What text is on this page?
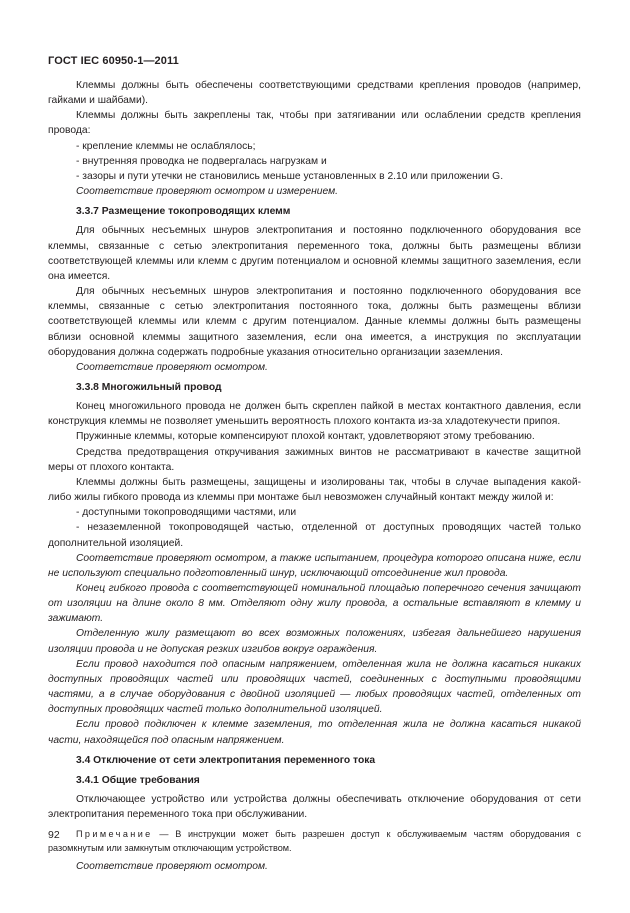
ГОСТ IEC 60950-1—2011

Клеммы должны быть обеспечены соответствующими средствами крепления проводов (например, гайками и шайбами).

Клеммы должны быть закреплены так, чтобы при затягивании или ослаблении средств крепления провода:

- крепление клеммы не ослаблялось;

- внутренняя проводка не подвергалась нагрузкам и

- зазоры и пути утечки не становились меньше установленных в 2.10 или приложении G.

Соответствие проверяют осмотром и измерением.

3.3.7 Размещение токопроводящих клемм

Для обычных несъемных шнуров электропитания и постоянно подключенного оборудования все клеммы, связанные с сетью электропитания переменного тока, должны быть размещены вблизи соответствующей клеммы или клемм с другим потенциалом и основной клеммы защитного заземления, если она имеется.

Для обычных несъемных шнуров электропитания и постоянно подключенного оборудования все клеммы, связанные с сетью электропитания постоянного тока, должны быть размещены вблизи соответствующей клеммы или клемм с другим потенциалом. Данные клеммы должны быть размещены вблизи основной клеммы защитного заземления, если она имеется, а инструкция по эксплуатации оборудования должна содержать подробные указания относительно организации заземления.

Соответствие проверяют осмотром.

3.3.8 Многожильный провод

Конец многожильного провода не должен быть скреплен пайкой в местах контактного давления, если конструкция клеммы не позволяет уменьшить вероятность плохого контакта из-за хладотекучести припоя.

Пружинные клеммы, которые компенсируют плохой контакт, удовлетворяют этому требованию.

Средства предотвращения откручивания зажимных винтов не рассматривают в качестве защитной меры от плохого контакта.

Клеммы должны быть размещены, защищены и изолированы так, чтобы в случае выпадения какой-либо жилы гибкого провода из клеммы при монтаже был невозможен случайный контакт между жилой и:

- доступными токопроводящими частями, или

- незаземленной токопроводящей частью, отделенной от доступных проводящих частей только дополнительной изоляцией.

Соответствие проверяют осмотром, а также испытанием, процедура которого описана ниже, если не используют специально подготовленный шнур, исключающий отсоединение жил провода.

Конец гибкого провода с соответствующей номинальной площадью поперечного сечения зачищают от изоляции на длине около 8 мм. Отделяют одну жилу провода, а остальные вставляют в клемму и зажимают.

Отделенную жилу размещают во всех возможных положениях, избегая дальнейшего нарушения изоляции провода и не допуская резких изгибов вокруг ограждения.

Если провод находится под опасным напряжением, отделенная жила не должна касаться никаких доступных проводящих частей или проводящих частей, соединенных с доступными проводящими частями, а в случае оборудования с двойной изоляцией — любых проводящих частей, отделенных от доступных проводящих частей только дополнительной изоляцией.

Если провод подключен к клемме заземления, то отделенная жила не должна касаться никакой части, находящейся под опасным напряжением.

3.4 Отключение от сети электропитания переменного тока

3.4.1 Общие требования

Отключающее устройство или устройства должны обеспечивать отключение оборудования от сети электропитания переменного тока при обслуживании.

Примечание — В инструкции может быть разрешен доступ к обслуживаемым частям оборудования с разомкнутым или замкнутым отключающим устройством.

Соответствие проверяют осмотром.

92
